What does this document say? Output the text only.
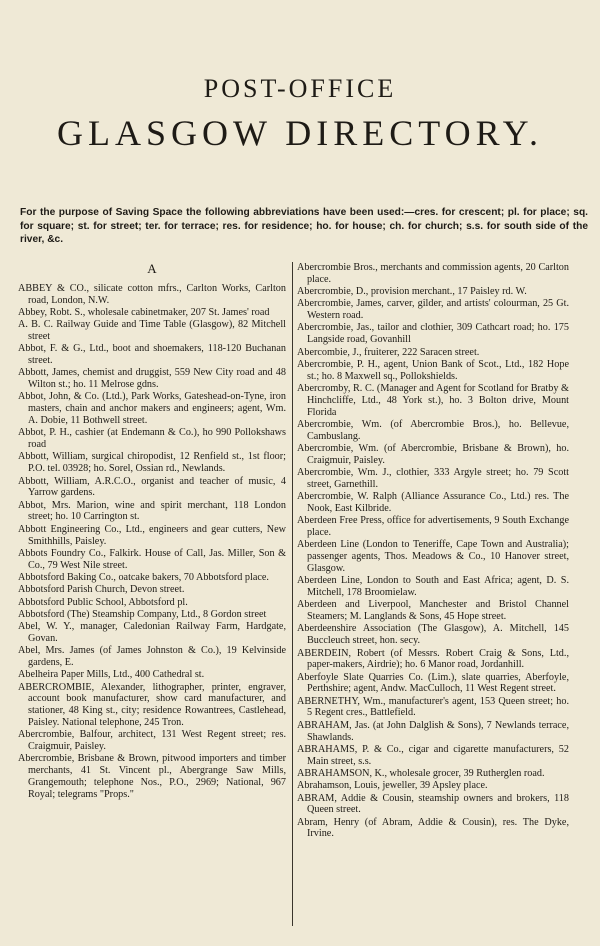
POST-OFFICE
GLASGOW DIRECTORY.
For the purpose of Saving Space the following abbreviations have been used:—cres. for crescent; pl. for place; sq. for square; st. for street; ter. for terrace; res. for residence; ho. for house; ch. for church; s.s. for south side of the river, &c.
A
ABBEY & CO., silicate cotton mfrs., Carlton Works, Carlton road, London, N.W.
Abbey, Robt. S., wholesale cabinetmaker, 207 St. James' road
A. B. C. Railway Guide and Time Table (Glasgow), 82 Mitchell street
Abbot, F. & G., Ltd., boot and shoemakers, 118-120 Buchanan street.
Abbott, James, chemist and druggist, 559 New City road and 48 Wilton st.; ho. 11 Melrose gdns.
Abbot, John, & Co. (Ltd.), Park Works, Gateshead-on-Tyne, iron masters, chain and anchor makers and engineers; agent, Wm. A. Dobie, 11 Bothwell street.
Abbot, P. H., cashier (at Endemann & Co.), ho 990 Pollokshaws road
Abbott, William, surgical chiropodist, 12 Renfield st., 1st floor; P.O. tel. 03928; ho. Sorel, Ossian rd., Newlands.
Abbott, William, A.R.C.O., organist and teacher of music, 4 Yarrow gardens.
Abbot, Mrs. Marion, wine and spirit merchant, 118 London street; ho. 10 Carrington st.
Abbott Engineering Co., Ltd., engineers and gear cutters, New Smithhills, Paisley.
Abbots Foundry Co., Falkirk. House of Call, Jas. Miller, Son & Co., 79 West Nile street.
Abbotsford Baking Co., oatcake bakers, 70 Abbotsford place.
Abbotsford Parish Church, Devon street.
Abbotsford Public School, Abbotsford pl.
Abbotsford (The) Steamship Company, Ltd., 8 Gordon street
Abel, W. Y., manager, Caledonian Railway Farm, Hardgate, Govan.
Abel, Mrs. James (of James Johnston & Co.), 19 Kelvinside gardens, E.
Abelheira Paper Mills, Ltd., 400 Cathedral st.
ABERCROMBIE, Alexander, lithographer, printer, engraver, account book manufacturer, show card manufacturer, and stationer, 48 King st., city; residence Rowantrees, Castlehead, Paisley. National telephone, 245 Tron.
Abercrombie, Balfour, architect, 131 West Regent street; res. Craigmuir, Paisley.
Abercrombie, Brisbane & Brown, pitwood importers and timber merchants, 41 St. Vincent pl., Abergrange Saw Mills, Grangemouth; telephone Nos., P.O., 2969; National, 967 Royal; telegrams "Props."
Abercrombie Bros., merchants and commission agents, 20 Carlton place.
Abercrombie, D., provision merchant., 17 Paisley rd. W.
Abercrombie, James, carver, gilder, and artists' colourman, 25 Gt. Western road.
Abercrombie, Jas., tailor and clothier, 309 Cathcart road; ho. 175 Langside road, Govanhill
Abercombie, J., fruiterer, 222 Saracen street.
Abercrombie, P. H., agent, Union Bank of Scot., Ltd., 182 Hope st.; ho. 8 Maxwell sq., Pollokshields.
Abercromby, R. C. (Manager and Agent for Scotland for Bratby & Hinchcliffe, Ltd., 48 York st.), ho. 3 Bolton drive, Mount Florida
Abercrombie, Wm. (of Abercrombie Bros.), ho. Bellevue, Cambuslang.
Abercrombie, Wm. (of Abercrombie, Brisbane & Brown), ho. Craigmuir, Paisley.
Abercrombie, Wm. J., clothier, 333 Argyle street; ho. 79 Scott street, Garnethill.
Abercrombie, W. Ralph (Alliance Assurance Co., Ltd.) res. The Nook, East Kilbride.
Aberdeen Free Press, office for advertisements, 9 South Exchange place.
Aberdeen Line (London to Teneriffe, Cape Town and Australia); passenger agents, Thos. Meadows & Co., 10 Hanover street, Glasgow.
Aberdeen Line, London to South and East Africa; agent, D. S. Mitchell, 178 Broomielaw.
Aberdeen and Liverpool, Manchester and Bristol Channel Steamers; M. Langlands & Sons, 45 Hope street.
Aberdeenshire Association (The Glasgow), A. Mitchell, 145 Buccleuch street, hon. secy.
ABERDEIN, Robert (of Messrs. Robert Craig & Sons, Ltd., paper-makers, Airdrie); ho. 6 Manor road, Jordanhill.
Aberfoyle Slate Quarries Co. (Lim.), slate quarries, Aberfoyle, Perthshire; agent, Andw. MacCulloch, 11 West Regent street.
ABERNETHY, Wm., manufacturer's agent, 153 Queen street; ho. 5 Regent cres., Battlefield.
ABRAHAM, Jas. (at John Dalglish & Sons), 7 Newlands terrace, Shawlands.
ABRAHAMS, P. & Co., cigar and cigarette manufacturers, 52 Main street, s.s.
ABRAHAMSON, K., wholesale grocer, 39 Rutherglen road.
Abrahamson, Louis, jeweller, 39 Apsley place.
ABRAM, Addie & Cousin, steamship owners and brokers, 118 Queen street.
Abram, Henry (of Abram, Addie & Cousin), res. The Dyke, Irvine.
